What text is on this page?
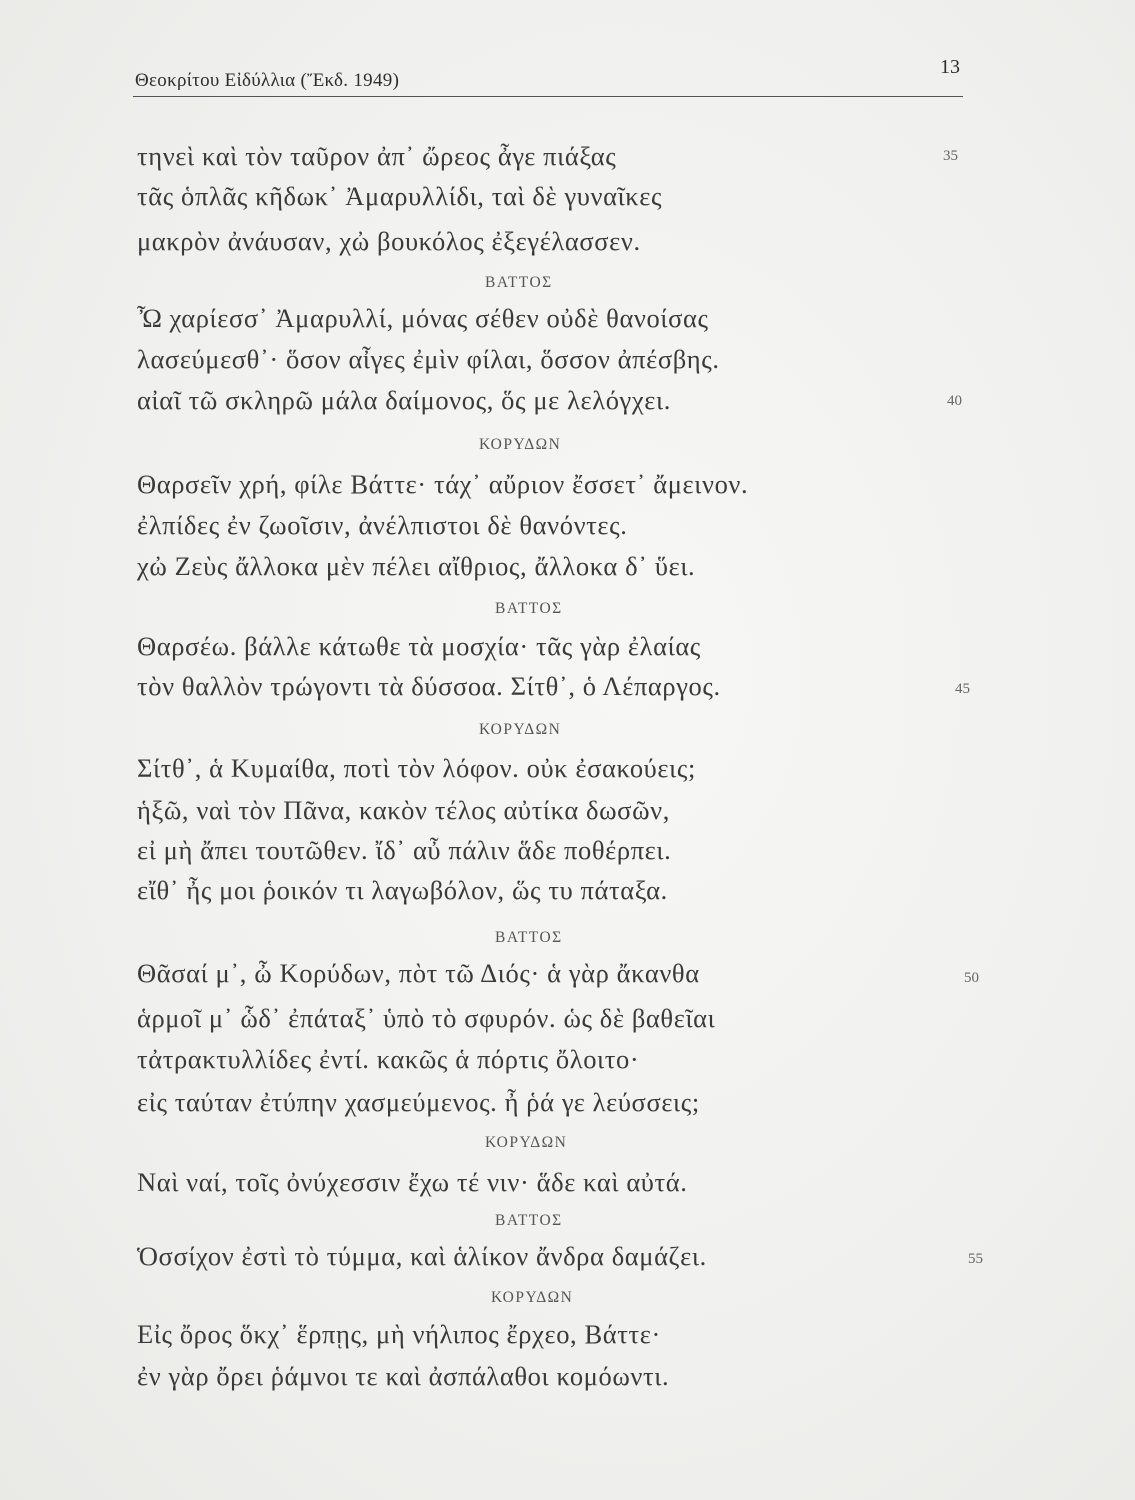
Θεοκρίτου Εἰδύλλια (Ἔκδ. 1949)
13
τηνεὶ καὶ τὸν ταῦρον ἀπ᾽ ὤρεος ἆγε πιάξας
τᾶς ὁπλᾶς κῆδωκ᾽ Ἀμαρυλλίδι, ταὶ δὲ γυναῖκες
μακρὸν ἀνάυσαν, χὠ βουκόλος ἐξεγέλασσεν.
ΒΑΤΤΟΣ
Ὦ χαρίεσσ᾽ Ἀμαρυλλί, μόνας σέθεν οὐδὲ θανοίσας
λασεύμεσθ᾽· ὅσον αἶγες ἐμὶν φίλαι, ὅσσον ἀπέσβης.
αἰαῖ τῶ σκληρῶ μάλα δαίμονος, ὅς με λελόγχει.
ΚΟΡΥΔΩΝ
Θαρσεῖν χρή, φίλε Βάττε· τάχ᾽ αὔριον ἔσσετ᾽ ἄμεινον.
ἐλπίδες ἐν ζωοῖσιν, ἀνέλπιστοι δὲ θανόντες.
χὠ Ζεὺς ἄλλοκα μὲν πέλει αἴθριος, ἄλλοκα δ᾽ ὕει.
ΒΑΤΤΟΣ
Θαρσέω. βάλλε κάτωθε τὰ μοσχία· τᾶς γὰρ ἐλαίας
τὸν θαλλὸν τρώγοντι τὰ δύσσοα. Σίτθ᾽, ὁ Λέπαργος.
ΚΟΡΥΔΩΝ
Σίτθ᾽, ἁ Κυμαίθα, ποτὶ τὸν λόφον. οὐκ ἐσακούεις;
ἡξῶ, ναὶ τὸν Πᾶνα, κακὸν τέλος αὐτίκα δωσῶν,
εἰ μὴ ἄπει τουτῶθεν. ἴδ᾽ αὖ πάλιν ἅδε ποθέρπει.
εἴθ᾽ ἦς μοι ῥοικόν τι λαγωβόλον, ὥς τυ πάταξα.
ΒΑΤΤΟΣ
Θᾶσαί μ᾽, ὦ Κορύδων, πὸτ τῶ Διός· ἁ γὰρ ἄκανθα
ἁρμοῖ μ᾽ ὧδ᾽ ἐπάταξ᾽ ὑπὸ τὸ σφυρόν. ὡς δὲ βαθεῖαι
τἀτρακτυλλίδες ἐντί. κακῶς ἁ πόρτις ὄλοιτο·
εἰς ταύταν ἐτύπην χασμεύμενος. ἦ ῥά γε λεύσσεις;
ΚΟΡΥΔΩΝ
Ναὶ ναί, τοῖς ὀνύχεσσιν ἔχω τέ νιν· ἅδε καὶ αὐτά.
ΒΑΤΤΟΣ
Ὁσσίχον ἐστὶ τὸ τύμμα, καὶ ἁλίκον ἄνδρα δαμάζει.
ΚΟΡΥΔΩΝ
Εἰς ὄρος ὅκχ᾽ ἕρπῃς, μὴ νήλιπος ἔρχεο, Βάττε·
ἐν γὰρ ὄρει ῥάμνοι τε καὶ ἀσπάλαθοι κομόωντι.
35
40
45
50
55
